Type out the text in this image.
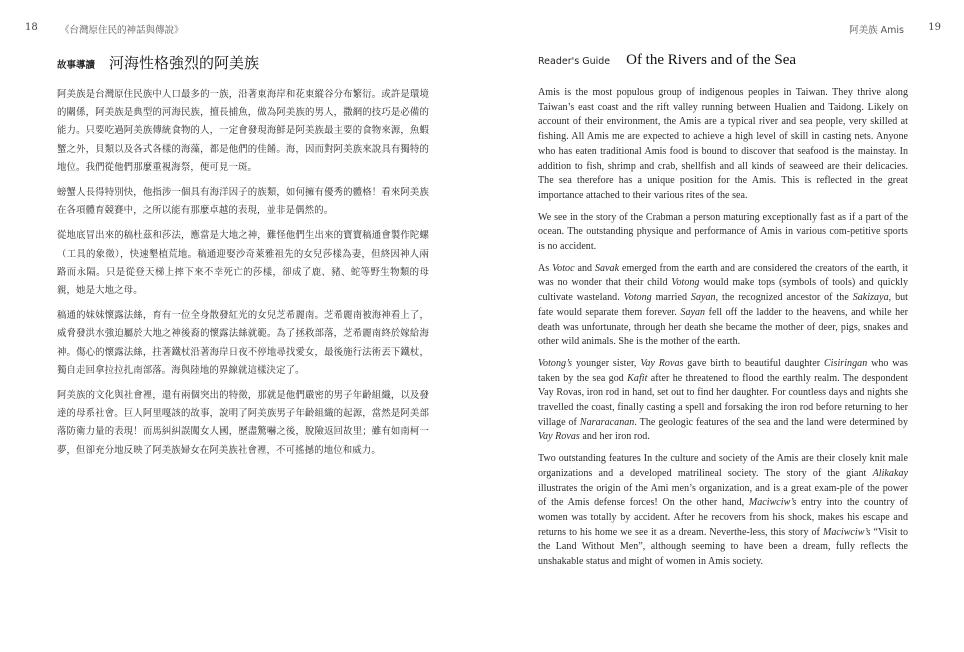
18 《台灣原住民的神話與傳說》	阿美族 Amis 19
故事導讀 河海性格強烈的阿美族

阿美族是台灣原住民族中人口最多的一族，沿著東海岸和花東縱谷分布繁衍。或許是環境的關係，阿美族是典型的河海民族，擅長捕魚，做為阿美族的男人，撒網的技巧是必備的能力。只要吃過阿美族傳統食物的人，一定會發現海鮮是阿美族最主要的食物來源，魚蝦蟹之外，貝類以及各式各樣的海藻，都是他們的佳餚。海，因而對阿美族來說具有獨特的地位。我們從他們那麼重視海祭，便可見一斑。

螃蟹人長得特別快，他指涉一個具有海洋因子的族類，如何擁有優秀的體格！看來阿美族在各項體育競賽中，之所以能有那麼卓越的表現，並非是偶然的。

從地底冒出來的稿杜茲和莎法，應當是大地之神，難怪他們生出來的寶寶稿通會製作陀螺（工具的象徵），快速墾植荒地。稿通迎娶沙奇萊雅祖先的女兒莎樣為妻，但終因神人兩路而永隔。只是從登天梯上摔下來不幸死亡的莎樣，卻成了鹿、豬、蛇等野生物類的母親，她是大地之母。

稿通的妹妹懷露法絲，育有一位全身散發紅光的女兒芝希麗南。芝希麗南被海神看上了，威脅發洪水強迫屬於大地之神後裔的懷露法絲就範。為了拯救部落，芝希麗南終於嫁給海神。傷心的懷露法絲，拄著鐵杖沿著海岸日夜不停地尋找愛女，最後施行法術丟下鐵杖，獨自走回拿拉拉扎南部落。海與陸地的界線就這樣決定了。

阿美族的文化與社會裡，還有兩個突出的特徵，那就是他們嚴密的男子年齡組織，以及發達的母系社會。巨人阿里嘎該的故事，說明了阿美族男子年齡組織的起源，當然是阿美部落防衛力量的表現！而馬糾糾誤闖女人國，歷盡驚嚇之後，脫險返回故里；雖有如南柯一夢，但卻充分地反映了阿美族婦女在阿美族社會裡，不可搖撼的地位和威力。

Reader's Guide Of the Rivers and of the Sea

Amis is the most populous group of indigenous peoples in Taiwan. They thrive along Taiwan’s east coast and the rift valley running between Hualien and Taidong. Likely on account of their environment, the Amis are a typical river and sea people, very skilled at fishing. All Amis me are expected to achieve a high level of skill in casting nets. Anyone who has eaten traditional Amis food is bound to discover that seafood is the mainstay. In addition to fish, shrimp and crab, shellfish and all kinds of seaweed are their delicacies. The sea therefore has a unique position for the Amis. This is reflected in the great importance attached to their various rites of the sea.

We see in the story of the Crabman a person maturing exceptionally fast as if a part of the ocean. The outstanding physique and performance of Amis in various com-petitive sports is no accident.

As Votoc and Savak emerged from the earth and are considered the creators of the earth, it was no wonder that their child Votong would make tops (symbols of tools) and quickly cultivate wasteland. Votong married Sayan, the recognized ancestor of the Sakizaya, but fate would separate them forever. Sayan fell off the ladder to the heavens, and while her death was unfortunate, through her death she became the mother of deer, pigs, snakes and other wild animals. She is the mother of the earth.

Votong’s younger sister, Vay Rovas gave birth to beautiful daughter Cisiringan who was taken by the sea god Kafit after he threatened to flood the earthly realm. The despondent Vay Rovas, iron rod in hand, set out to find her daughter. For countless days and nights she travelled the coast, finally casting a spell and forsaking the iron rod before returning to her village of Nararacanan. The geologic features of the sea and the land were determined by Vay Rovas and her iron rod.

Two outstanding features In the culture and society of the Amis are their closely knit male organizations and a developed matrilineal society. The story of the giant Alikakay illustrates the origin of the Ami men’s organization, and is a great exam-ple of the power of the Amis defense forces! On the other hand, Maciwciw’s entry into the country of women was totally by accident. After he recovers from his shock, makes his escape and returns to his home we see it as a dream. Neverthe-less, this story of Maciwciw’s “Visit to the Land Without Men”, although seeming to have been a dream, fully reflects the unshakable status and might of women in Amis society.
